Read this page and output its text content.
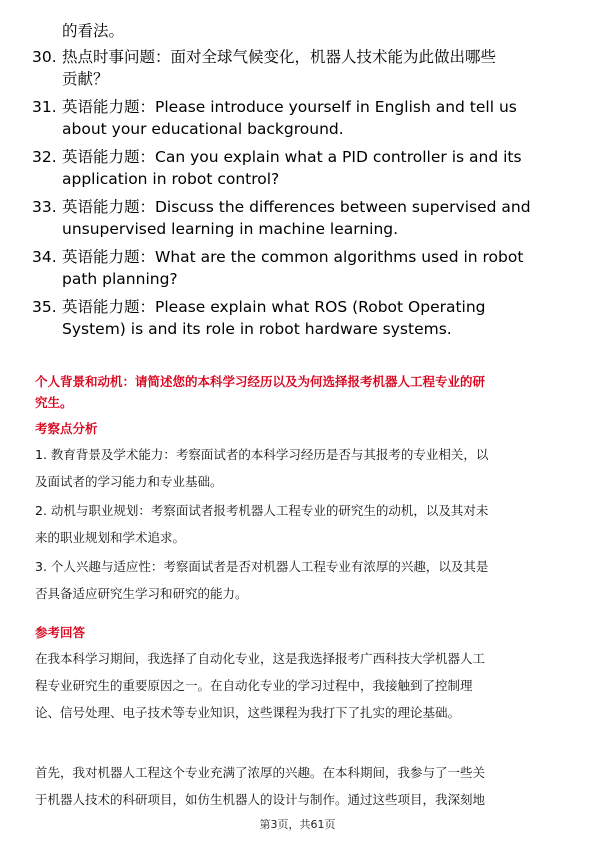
的看法。
30. 热点时事问题：面对全球气候变化，机器人技术能为此做出哪些
贡献？
31. 英语能力题：Please introduce yourself in English and tell us
about your educational background.
32. 英语能力题：Can you explain what a PID controller is and its
application in robot control?
33. 英语能力题：Discuss the differences between supervised and
unsupervised learning in machine learning.
34. 英语能力题：What are the common algorithms used in robot
path planning?
35. 英语能力题：Please explain what ROS (Robot Operating
System) is and its role in robot hardware systems.
个人背景和动机：请简述您的本科学习经历以及为何选择报考机器人工程专业的研
究生。
考察点分析
1. 教育背景及学术能力：考察面试者的本科学习经历是否与其报考的专业相关，以
及面试者的学习能力和专业基础。
2. 动机与职业规划：考察面试者报考机器人工程专业的研究生的动机，以及其对未
来的职业规划和学术追求。
3. 个人兴趣与适应性：考察面试者是否对机器人工程专业有浓厚的兴趣，以及其是
否具备适应研究生学习和研究的能力。
参考回答
在我本科学习期间，我选择了自动化专业，这是我选择报考广西科技大学机器人工
程专业研究生的重要原因之一。在自动化专业的学习过程中，我接触到了控制理
论、信号处理、电子技术等专业知识，这些课程为我打下了扎实的理论基础。
首先，我对机器人工程这个专业充满了浓厚的兴趣。在本科期间，我参与了一些关
于机器人技术的科研项目，如仿生机器人的设计与制作。通过这些项目，我深刻地
第3页，共61页
